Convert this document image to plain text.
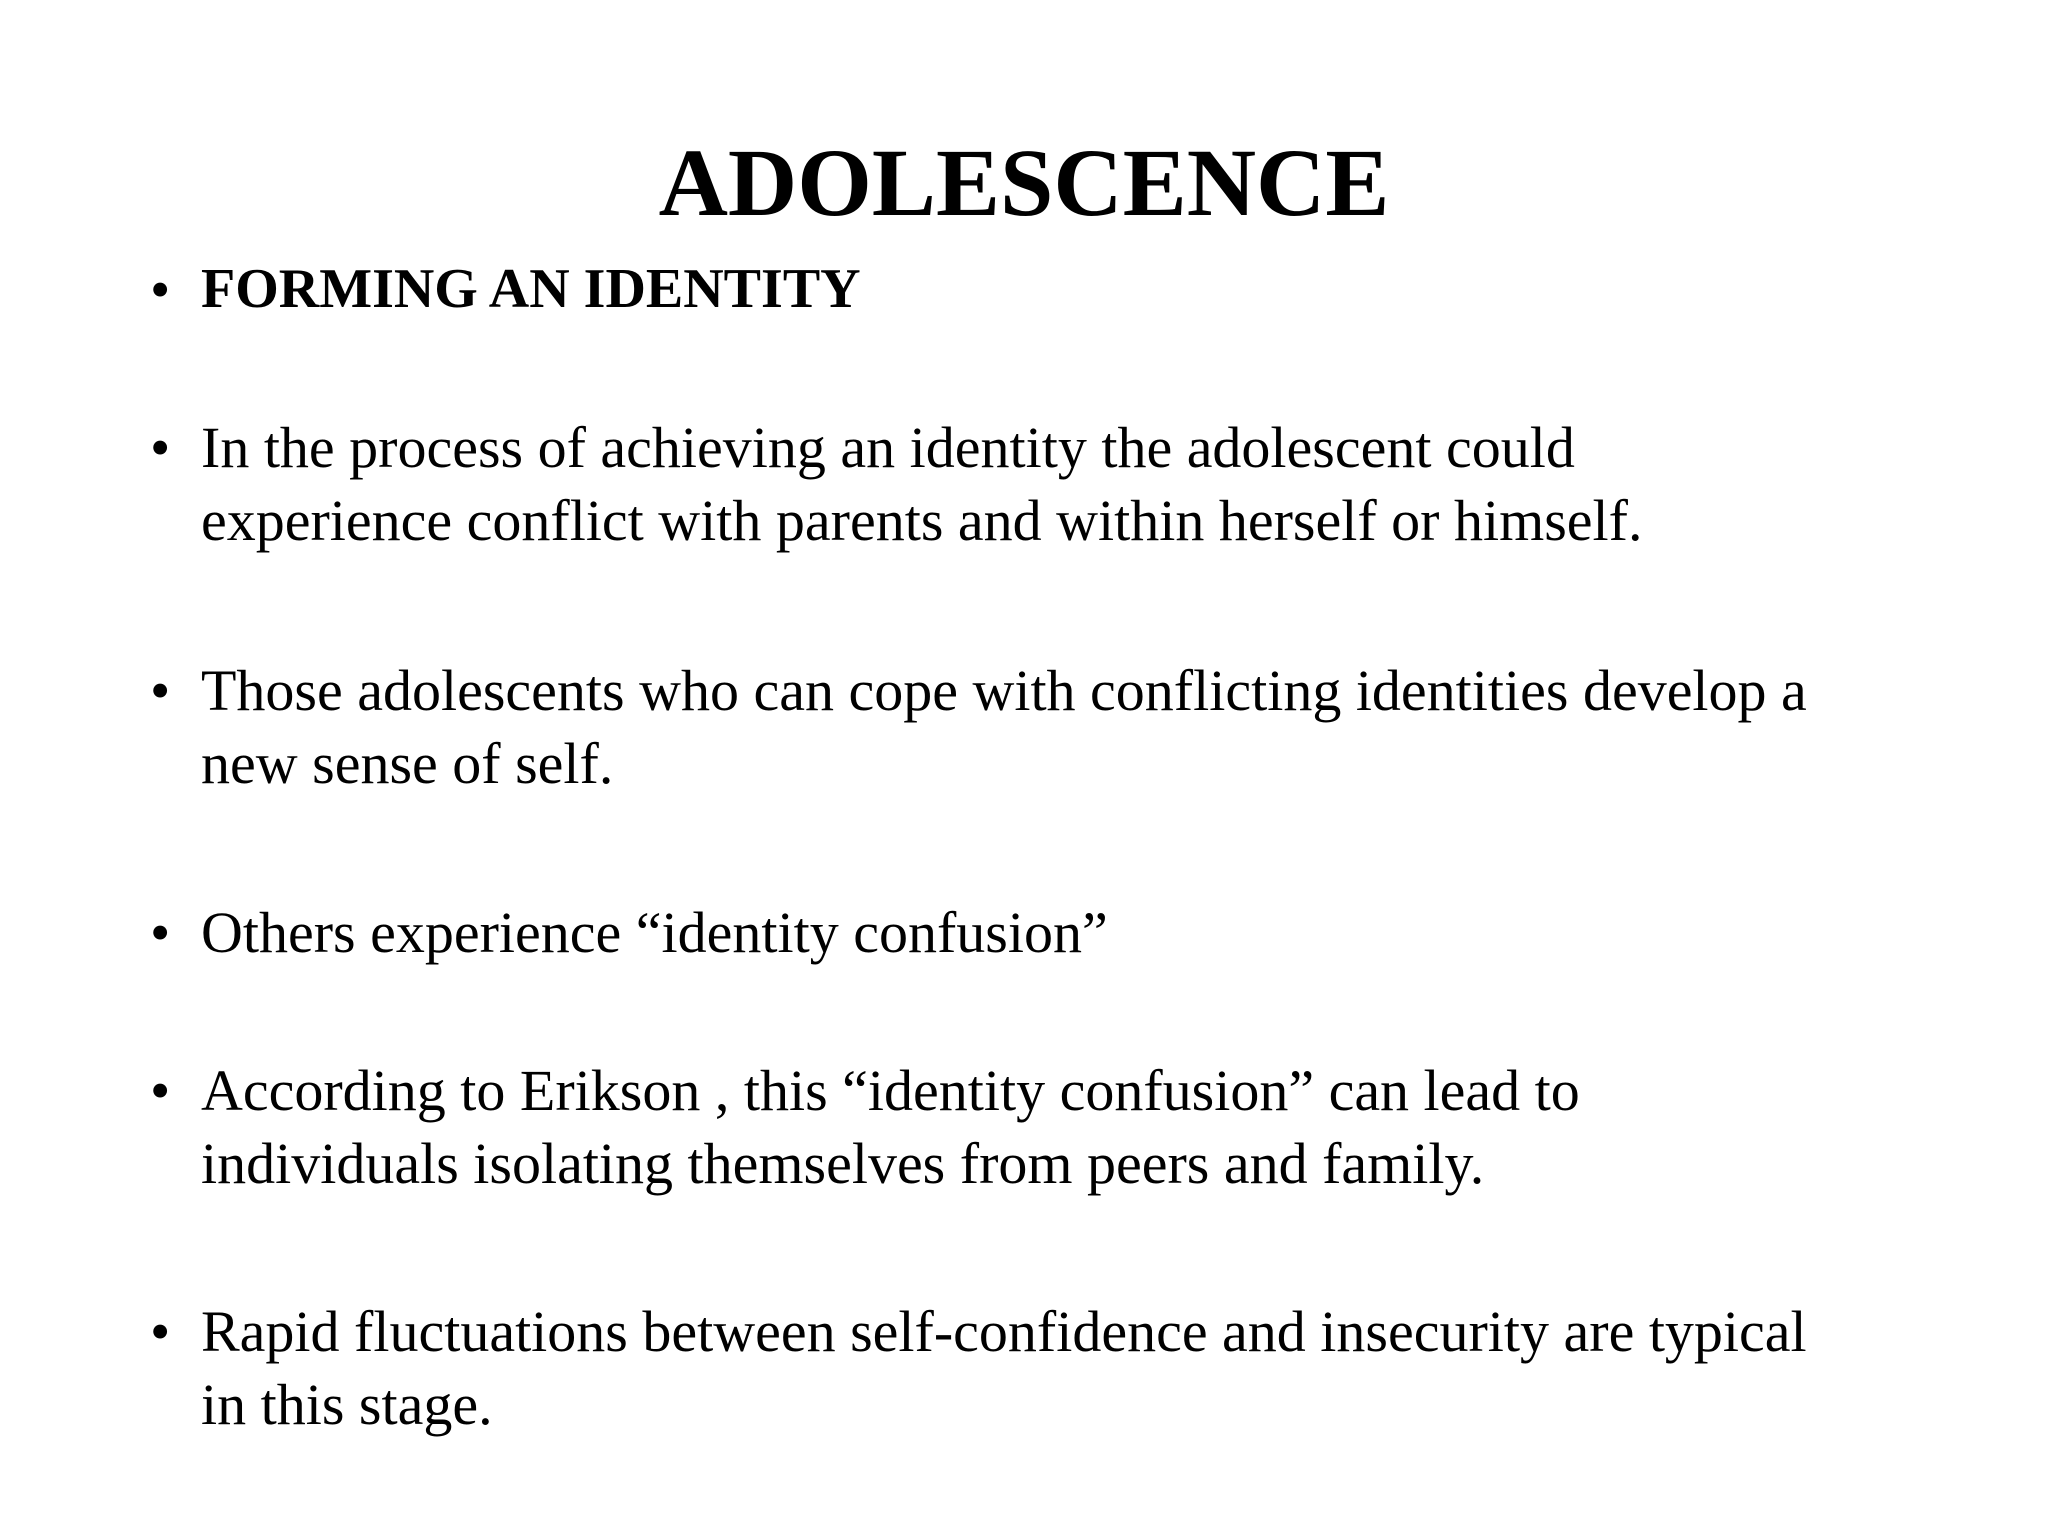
ADOLESCENCE
• FORMING AN IDENTITY
• In the process of achieving an identity the adolescent could
experience conflict with parents and within herself or himself.
• Those adolescents who can cope with conflicting identities develop a
new sense of self.
• Others experience “identity confusion”
• According to Erikson , this “identity confusion” can lead to
individuals isolating themselves from peers and family.
• Rapid fluctuations between self-confidence and insecurity are typical
in this stage.
